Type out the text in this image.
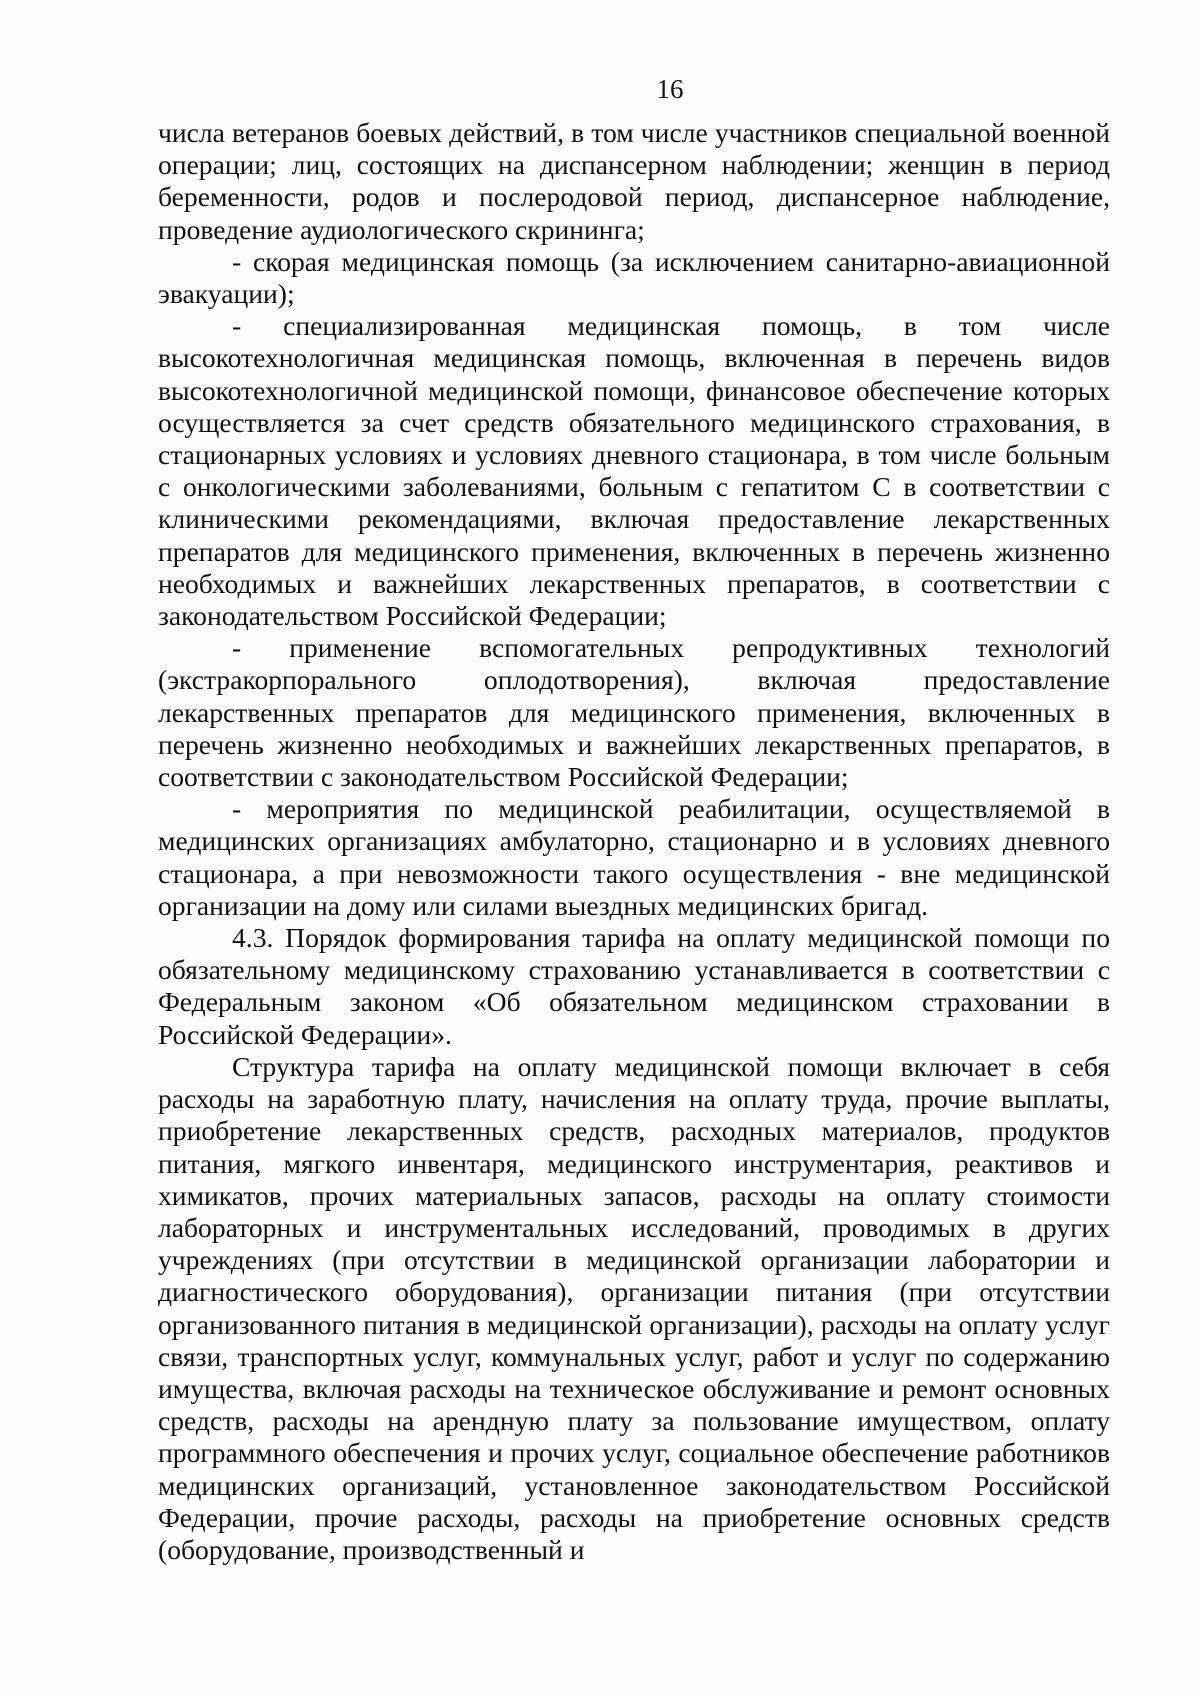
16

числа ветеранов боевых действий, в том числе участников специальной военной операции; лиц, состоящих на диспансерном наблюдении; женщин в период беременности, родов и послеродовой период, диспансерное наблюдение, проведение аудиологического скрининга;

- скорая медицинская помощь (за исключением санитарно-авиационной эвакуации);

- специализированная медицинская помощь, в том числе высокотехнологичная медицинская помощь, включенная в перечень видов высокотехнологичной медицинской помощи, финансовое обеспечение которых осуществляется за счет средств обязательного медицинского страхования, в стационарных условиях и условиях дневного стационара, в том числе больным с онкологическими заболеваниями, больным с гепатитом C в соответствии с клиническими рекомендациями, включая предоставление лекарственных препаратов для медицинского применения, включенных в перечень жизненно необходимых и важнейших лекарственных препаратов, в соответствии с законодательством Российской Федерации;

- применение вспомогательных репродуктивных технологий (экстракорпорального оплодотворения), включая предоставление лекарственных препаратов для медицинского применения, включенных в перечень жизненно необходимых и важнейших лекарственных препаратов, в соответствии с законодательством Российской Федерации;

- мероприятия по медицинской реабилитации, осуществляемой в медицинских организациях амбулаторно, стационарно и в условиях дневного стационара, а при невозможности такого осуществления - вне медицинской организации на дому или силами выездных медицинских бригад.

4.3. Порядок формирования тарифа на оплату медицинской помощи по обязательному медицинскому страхованию устанавливается в соответствии с Федеральным законом «Об обязательном медицинском страховании в Российской Федерации».

Структура тарифа на оплату медицинской помощи включает в себя расходы на заработную плату, начисления на оплату труда, прочие выплаты, приобретение лекарственных средств, расходных материалов, продуктов питания, мягкого инвентаря, медицинского инструментария, реактивов и химикатов, прочих материальных запасов, расходы на оплату стоимости лабораторных и инструментальных исследований, проводимых в других учреждениях (при отсутствии в медицинской организации лаборатории и диагностического оборудования), организации питания (при отсутствии организованного питания в медицинской организации), расходы на оплату услуг связи, транспортных услуг, коммунальных услуг, работ и услуг по содержанию имущества, включая расходы на техническое обслуживание и ремонт основных средств, расходы на арендную плату за пользование имуществом, оплату программного обеспечения и прочих услуг, социальное обеспечение работников медицинских организаций, установленное законодательством Российской Федерации, прочие расходы, расходы на приобретение основных средств (оборудование, производственный и
